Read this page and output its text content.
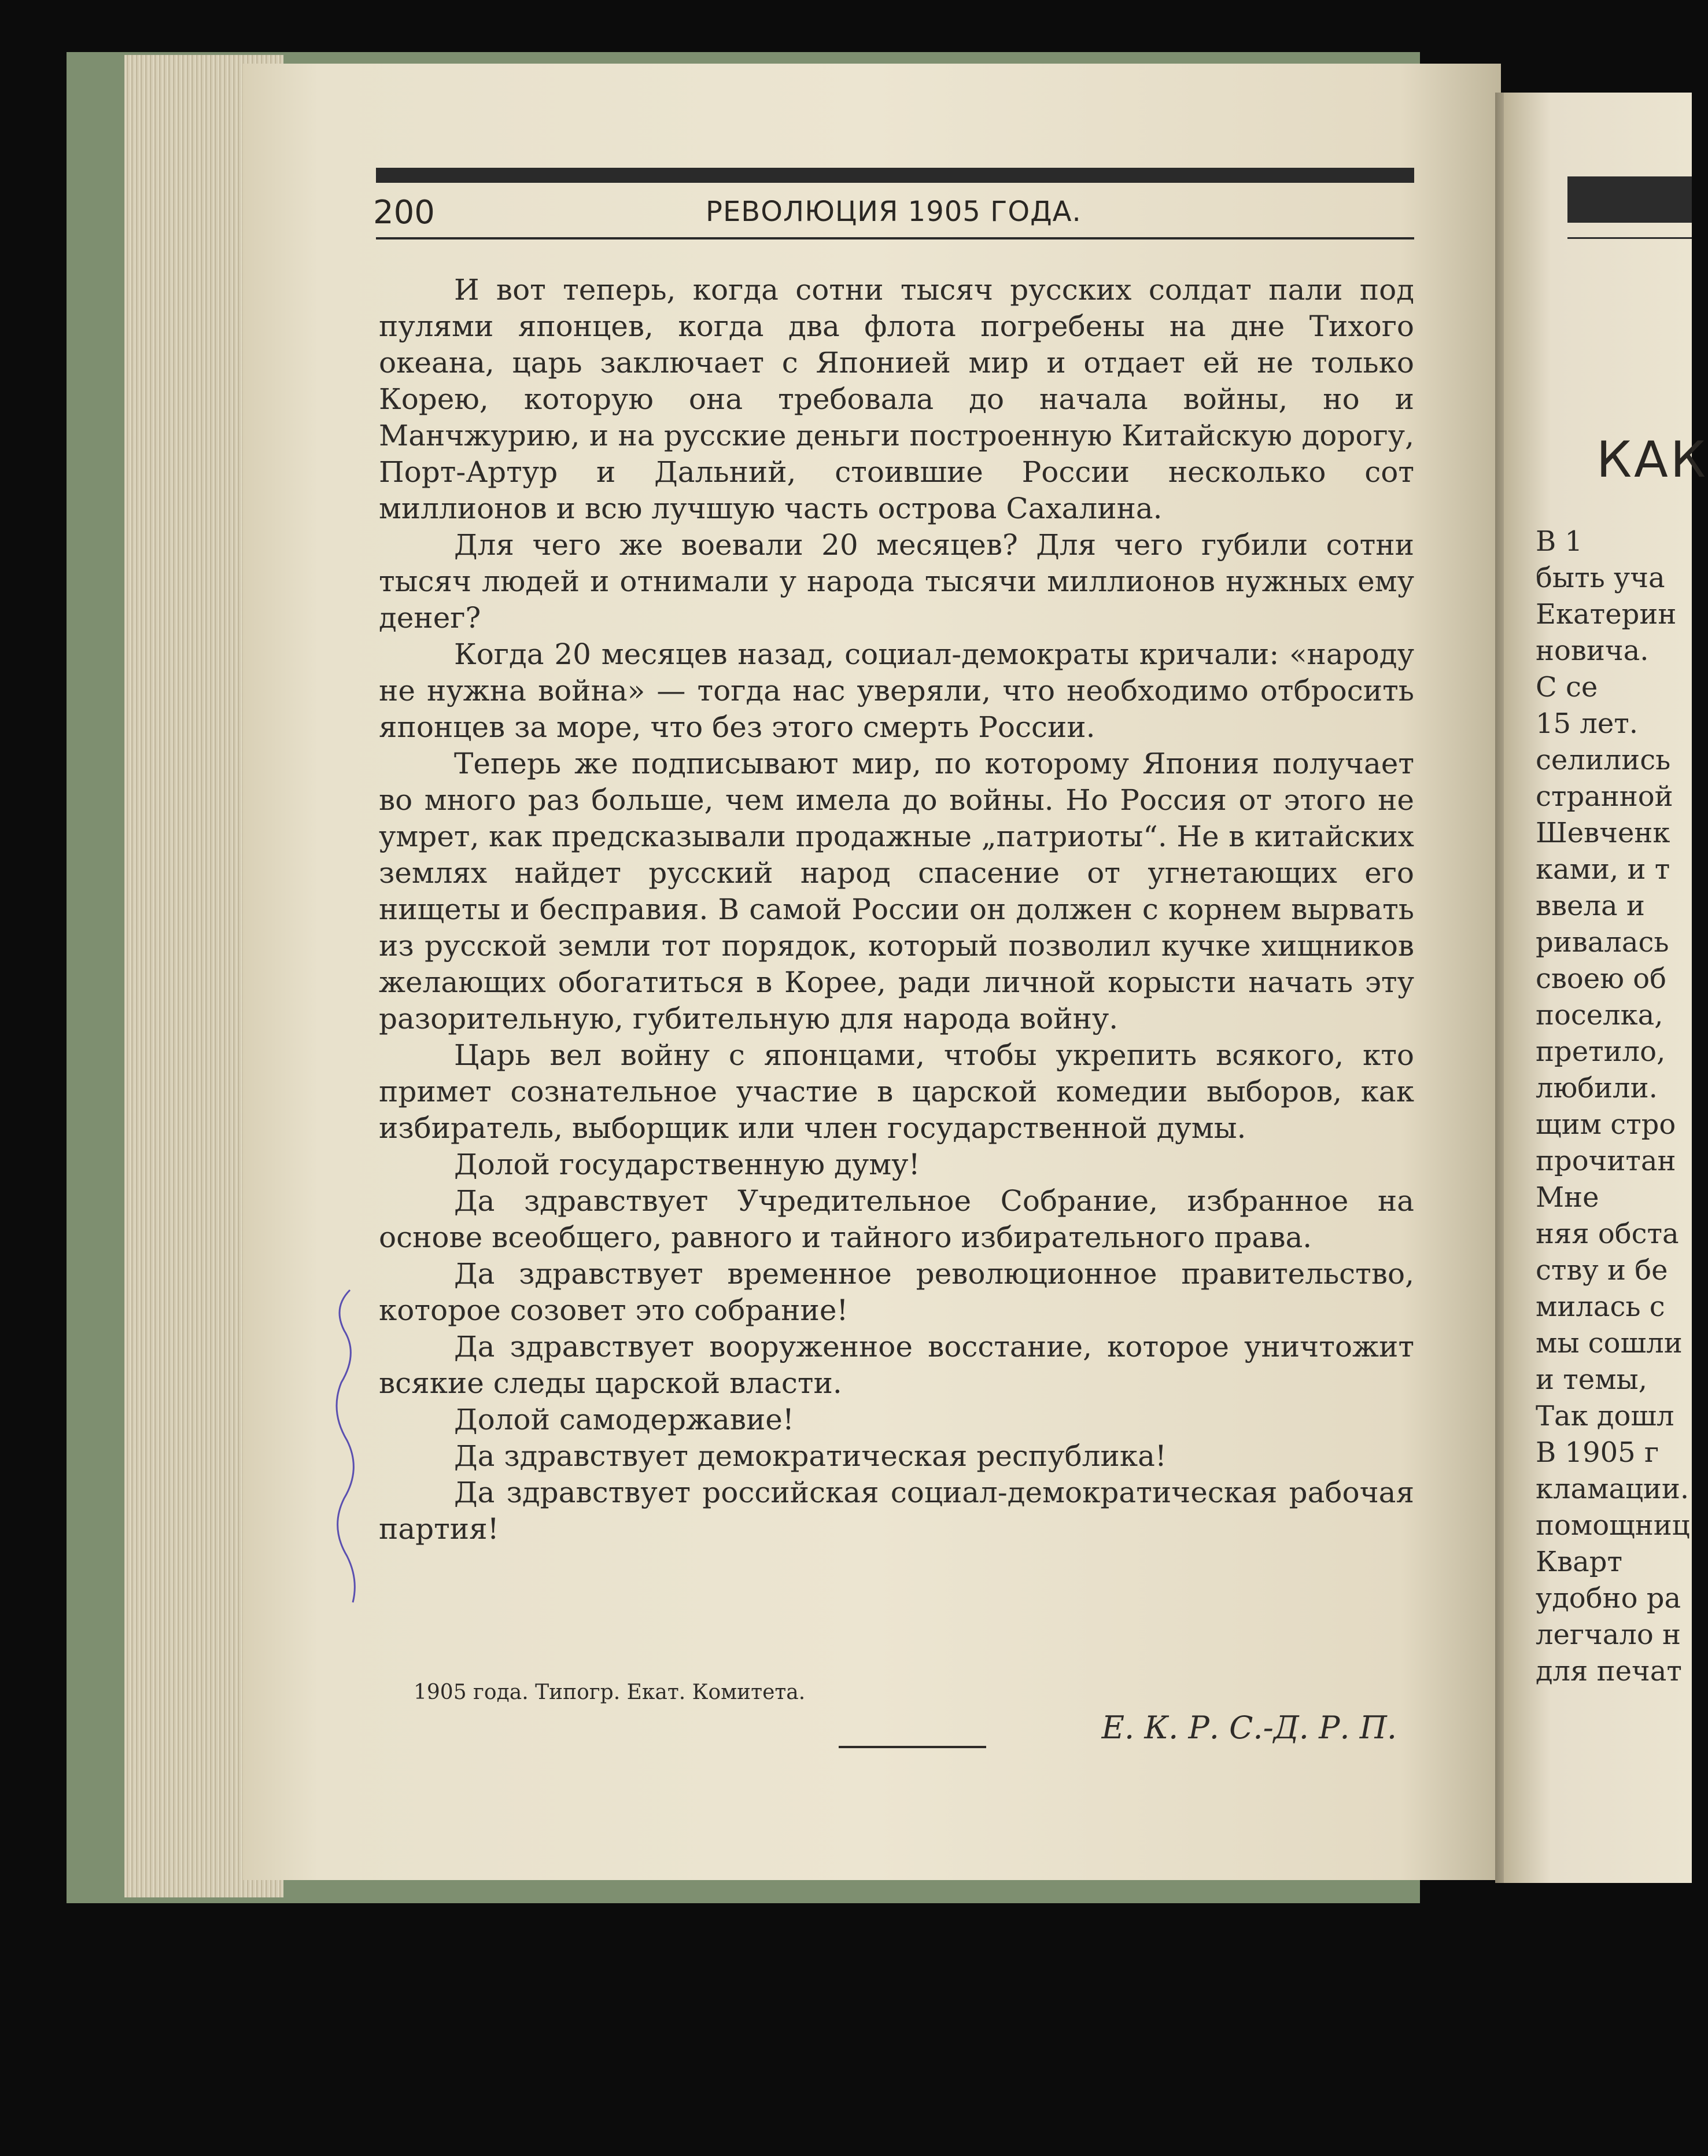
200	РЕВОЛЮЦИЯ 1905 ГОДА.

И вот теперь, когда сотни тысяч русских солдат пали под пулями японцев, когда два флота погребены на дне Тихого океана, царь заключает с Японией мир и отдает ей не только Корею, которую она требовала до начала войны, но и Манчжурию, и на русские деньги построенную Китайскую дорогу, Порт-Артур и Дальний, стоившие России несколько сот миллионов и всю лучшую часть острова Сахалина.

Для чего же воевали 20 месяцев? Для чего губили сотни тысяч людей и отнимали у народа тысячи миллионов нужных ему денег?

Когда 20 месяцев назад, социал-демократы кричали: «народу не нужна война» — тогда нас уверяли, что необходимо отбросить японцев за море, что без этого смерть России.

Теперь же подписывают мир, по которому Япония получает во много раз больше, чем имела до войны. Но Россия от этого не умрет, как предсказывали продажные „патриоты“. Не в китайских землях найдет русский народ спасение от угнетающих его нищеты и бесправия. В самой России он должен с корнем вырвать из русской земли тот порядок, который позволил кучке хищников желающих обогатиться в Корее, ради личной корысти начать эту разорительную, губительную для народа войну.

Царь вел войну с японцами, чтобы укрепить всякого, кто примет сознательное участие в царской комедии выборов, как избиратель, выборщик или член государственной думы.

Долой государственную думу!

Да здравствует Учредительное Собрание, избранное на основе всеобщего, равного и тайного избирательного права.

Да здравствует временное революционное правительство, которое созовет это собрание!

Да здравствует вооруженное восстание, которое уничтожит всякие следы царской власти.

Долой самодержавие!

Да здравствует демократическая республика!

Да здравствует российская социал-демократическая рабочая партия!

1905 года. Типогр. Екат. Комитета.
Е. К. Р. С.-Д. Р. П.
КАК
В 1
быть уча
Екатерин
новича.
С се
15 лет.
селились
странной
Шевченк
ками, и т
ввела и
ривалась
своею об
поселка,
претило,
любили.
щим стро
прочитан
Мне
няя обста
ству и бе
милась с
мы сошли
и темы,
Так дошл
В 1905 г
кламации.
помощниц
Кварт
удобно ра
легчало н
для печат
